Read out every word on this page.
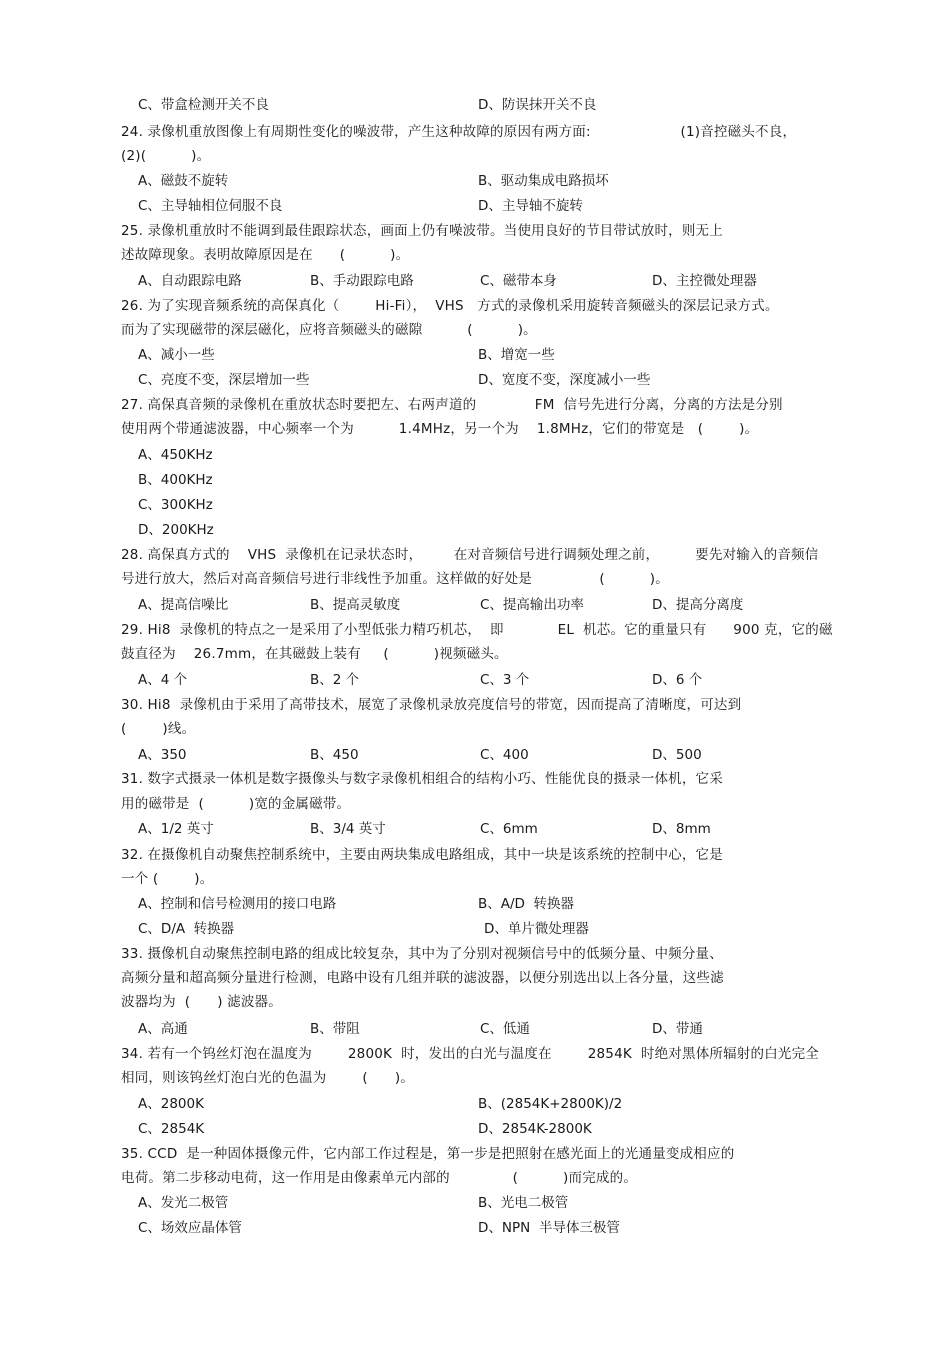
C、带盒检测开关不良	D、防误抹开关不良
24. 录像机重放图像上有周期性变化的噪波带，产生这种故障的原因有两方面:                    (1)音控磁头不良，
(2)(          )。
A、磁鼓不旋转	B、驱动集成电路损坏
C、主导轴相位伺服不良	D、主导轴不旋转
25. 录像机重放时不能调到最佳跟踪状态，画面上仍有噪波带。当使用良好的节目带试放时，则无上
述故障现象。表明故障原因是在      (          )。
A、自动跟踪电路	B、手动跟踪电路	C、磁带本身	D、主控微处理器
26. 为了实现音频系统的高保真化（        Hi-Fi），  VHS   方式的录像机采用旋转音频磁头的深层记录方式。
而为了实现磁带的深层磁化，应将音频磁头的磁隙          (          )。
A、减小一些	B、增宽一些
C、亮度不变，深层增加一些	D、宽度不变，深度减小一些
27. 高保真音频的录像机在重放状态时要把左、右两声道的             FM  信号先进行分离，分离的方法是分别
使用两个带通滤波器，中心频率一个为          1.4MHz，另一个为    1.8MHz，它们的带宽是   (        )。
A、450KHz
B、400KHz
C、300KHz
D、200KHz
28. 高保真方式的    VHS  录像机在记录状态时，       在对音频信号进行调频处理之前，        要先对输入的音频信
号进行放大，然后对高音频信号进行非线性予加重。这样做的好处是               (          )。
A、提高信噪比	B、提高灵敏度	C、提高输出功率	D、提高分离度
29. Hi8  录像机的特点之一是采用了小型低张力精巧机芯，  即            EL  机芯。它的重量只有      900 克，它的磁
鼓直径为    26.7mm，在其磁鼓上装有     (          )视频磁头。
A、4 个	B、2 个	C、3 个	D、6 个
30. Hi8  录像机由于采用了高带技术，展宽了录像机录放亮度信号的带宽，因而提高了清晰度，可达到
(        )线。
A、350	B、450	C、400	D、500
31. 数字式摄录一体机是数字摄像头与数字录像机相组合的结构小巧、性能优良的摄录一体机，它采
用的磁带是  (          )宽的金属磁带。
A、1/2 英寸	B、3/4 英寸	C、6mm	D、8mm
32. 在摄像机自动聚焦控制系统中，主要由两块集成电路组成，其中一块是该系统的控制中心，它是
一个 (        )。
A、控制和信号检测用的接口电路	B、A/D  转换器
C、D/A  转换器	D、单片微处理器
33. 摄像机自动聚焦控制电路的组成比较复杂，其中为了分别对视频信号中的低频分量、中频分量、
高频分量和超高频分量进行检测，电路中设有几组并联的滤波器，以便分别选出以上各分量，这些滤
波器均为  (      ) 滤波器。
A、高通	B、带阻	C、低通	D、带通
34. 若有一个钨丝灯泡在温度为        2800K  时，发出的白光与温度在        2854K  时绝对黑体所辐射的白光完全
相同，则该钨丝灯泡白光的色温为        (      )。
A、2800K	B、(2854K+2800K)/2
C、2854K	D、2854K-2800K
35. CCD  是一种固体摄像元件，它内部工作过程是，第一步是把照射在感光面上的光通量变成相应的
电荷。第二步移动电荷，这一作用是由像素单元内部的              (          )而完成的。
A、发光二极管	B、光电二极管
C、场效应晶体管	D、NPN  半导体三极管
